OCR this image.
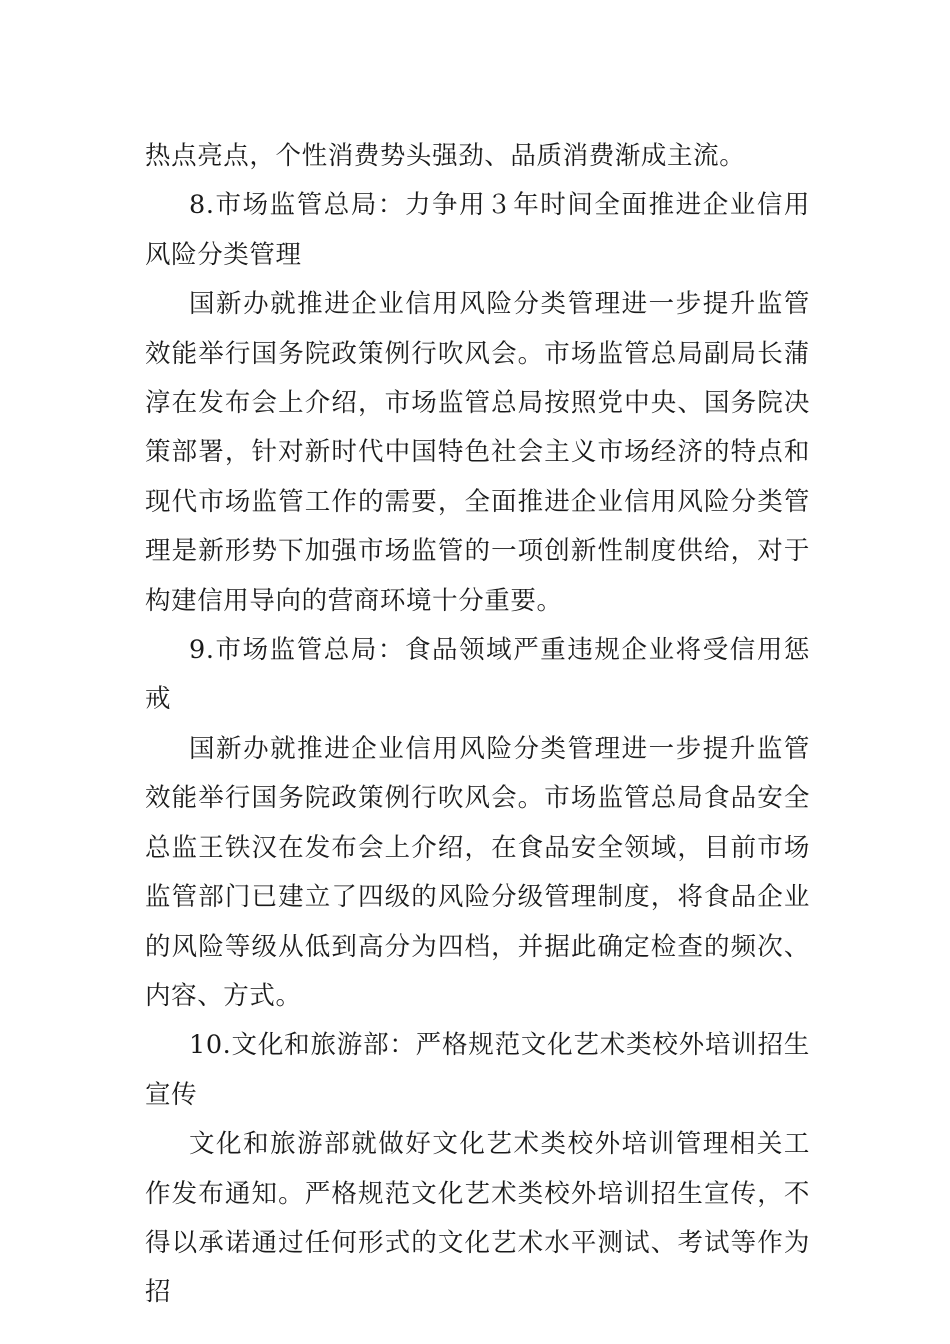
热点亮点，个性消费势头强劲、品质消费渐成主流。

8.市场监管总局：力争用３年时间全面推进企业信用风险分类管理

国新办就推进企业信用风险分类管理进一步提升监管效能举行国务院政策例行吹风会。市场监管总局副局长蒲淳在发布会上介绍，市场监管总局按照党中央、国务院决策部署，针对新时代中国特色社会主义市场经济的特点和现代市场监管工作的需要，全面推进企业信用风险分类管理是新形势下加强市场监管的一项创新性制度供给，对于构建信用导向的营商环境十分重要。

9.市场监管总局：食品领域严重违规企业将受信用惩戒

国新办就推进企业信用风险分类管理进一步提升监管效能举行国务院政策例行吹风会。市场监管总局食品安全总监王铁汉在发布会上介绍，在食品安全领域，目前市场监管部门已建立了四级的风险分级管理制度，将食品企业的风险等级从低到高分为四档，并据此确定检查的频次、内容、方式。

10.文化和旅游部：严格规范文化艺术类校外培训招生宣传

文化和旅游部就做好文化艺术类校外培训管理相关工作发布通知。严格规范文化艺术类校外培训招生宣传，不得以承诺通过任何形式的文化艺术水平测试、考试等作为招
